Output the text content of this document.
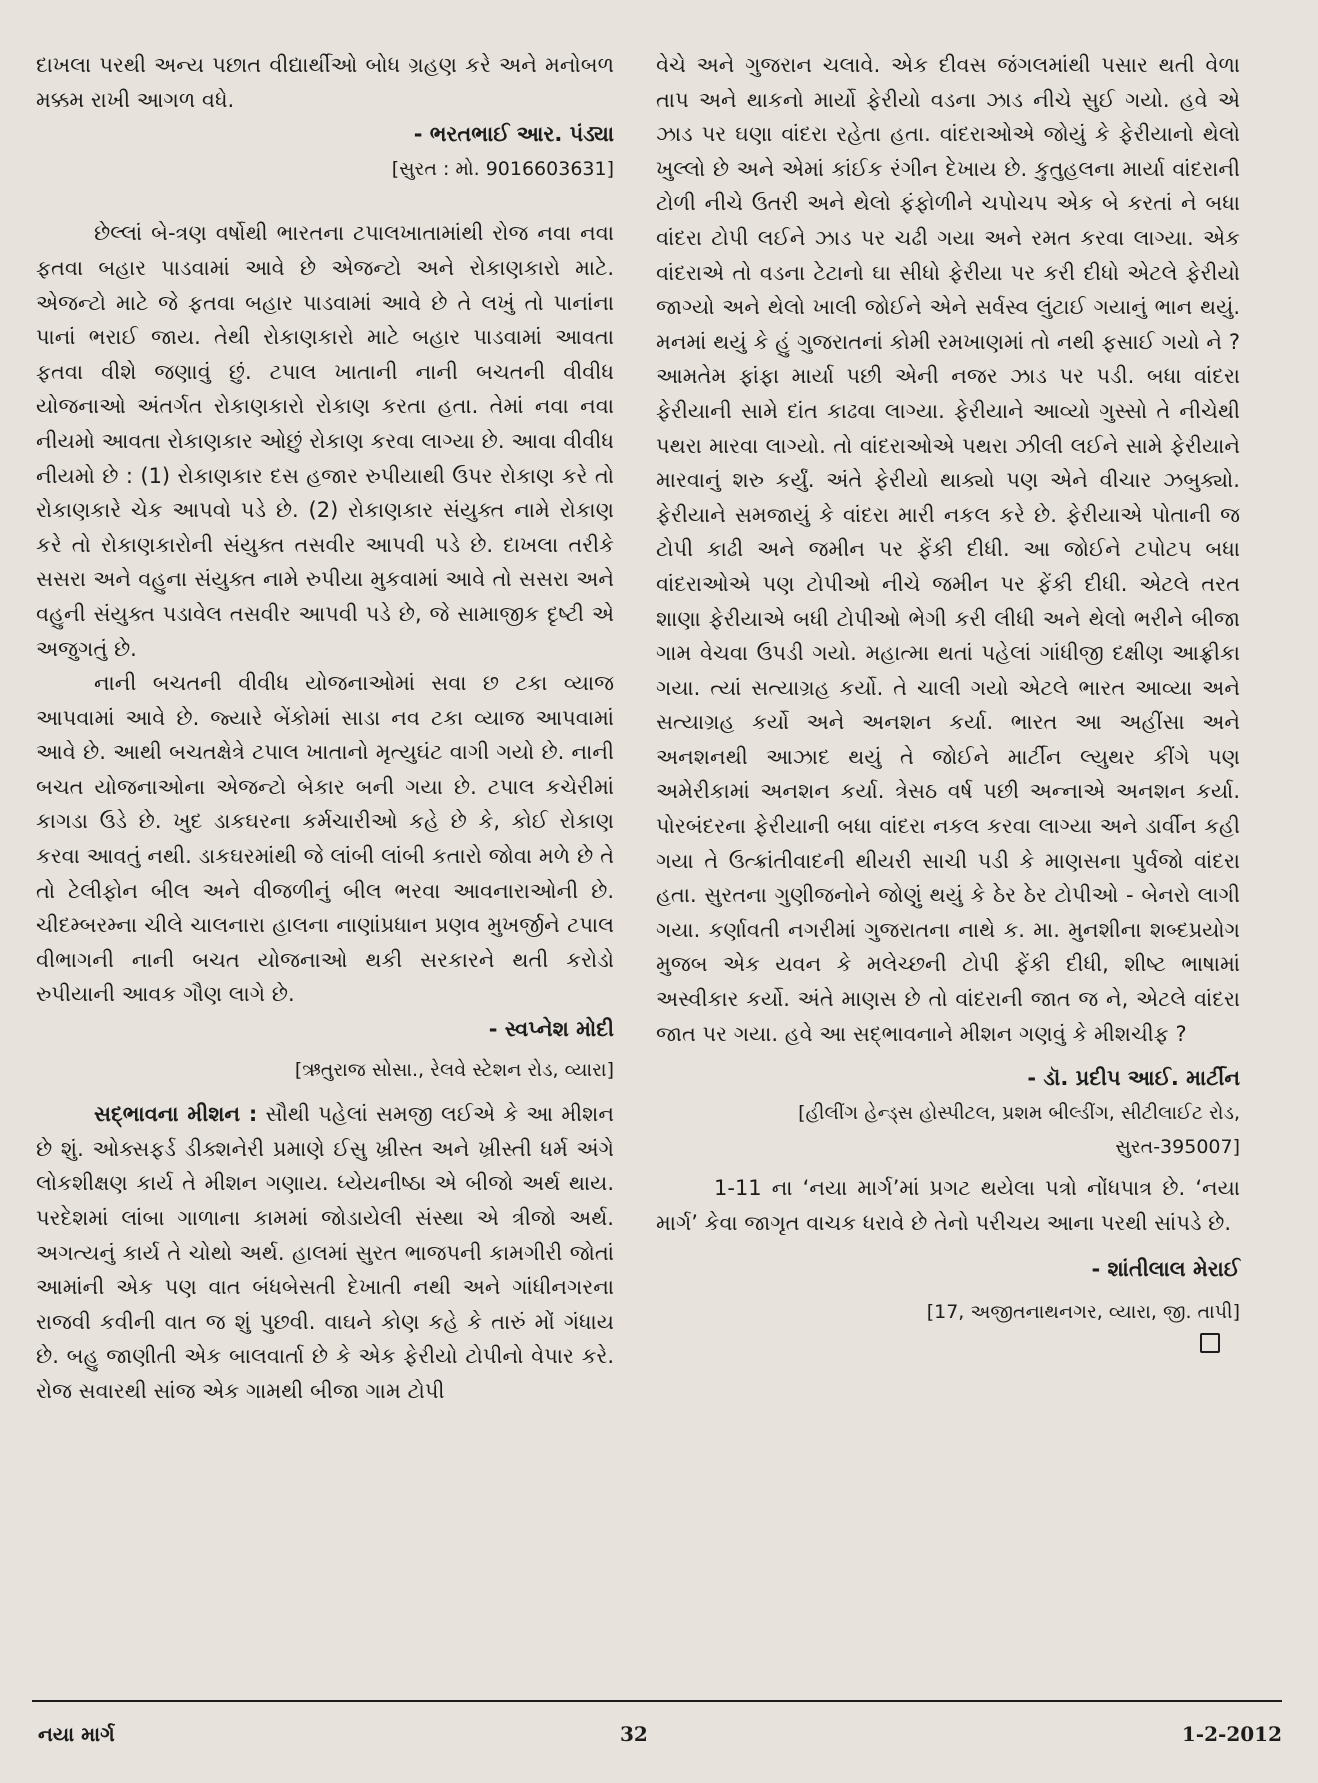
દાખલા પરથી અન્ય પછાત વીદ્યાર્થીઓ બોધ ગ્રહણ કરે અને મનોબળ મક્કમ રાખી આગળ વધે.

- ભરતભાઈ આર. પંડ્યા

[સુરત : મો. 9016603631]

છેલ્લાં બે-ત્રણ વર્ષોથી ભારતના ટપાલખાતામાંથી રોજ નવા નવા ફતવા બહાર પાડવામાં આવે છે એજન્ટો અને રોકાણકારો માટે. એજન્ટો માટે જે ફતવા બહાર પાડવામાં આવે છે તે લખું તો પાનાંના પાનાં ભરાઈ જાય. તેથી રોકાણકારો માટે બહાર પાડવામાં આવતા ફતવા વીશે જણાવું છું. ટપાલ ખાતાની નાની બચતની વીવીધ યોજનાઓ અંતર્ગત રોકાણકારો રોકાણ કરતા હતા. તેમાં નવા નવા નીયમો આવતા રોકાણકાર ઓછું રોકાણ કરવા લાગ્યા છે. આવા વીવીધ નીયમો છે : (1) રોકાણકાર દસ હજાર રુપીયાથી ઉપર રોકાણ કરે તો રોકાણકારે ચેક આપવો પડે છે. (2) રોકાણકાર સંયુક્ત નામે રોકાણ કરે તો રોકાણકારોની સંયુક્ત તસવીર આપવી પડે છે. દાખલા તરીકે સસરા અને વહુના સંયુક્ત નામે રુપીયા મુકવામાં આવે તો સસરા અને વહુની સંયુક્ત પડાવેલ તસવીર આપવી પડે છે, જે સામાજીક દૃષ્ટી એ અજુગતું છે.

નાની બચતની વીવીધ યોજનાઓમાં સવા છ ટકા વ્યાજ આપવામાં આવે છે. જ્યારે બેંકોમાં સાડા નવ ટકા વ્યાજ આપવામાં આવે છે. આથી બચતક્ષેત્રે ટપાલ ખાતાનો મૃત્યુઘંટ વાગી ગયો છે. નાની બચત યોજનાઓના એજન્ટો બેકાર બની ગયા છે. ટપાલ કચેરીમાં કાગડા ઉડે છે. ખુદ ડાકઘરના કર્મચારીઓ કહે છે કે, કોઈ રોકાણ કરવા આવતું નથી. ડાકઘરમાંથી જે લાંબી લાંબી કતારો જોવા મળે છે તે તો ટેલીફોન બીલ અને વીજળીનું બીલ ભરવા આવનારાઓની છે. ચીદમ્બરમ્ના ચીલે ચાલનારા હાલના નાણાંપ્રધાન પ્રણવ મુખર્જીને ટપાલ વીભાગની નાની બચત યોજનાઓ થકી સરકારને થતી કરોડો રુપીયાની આવક ગૌણ લાગે છે.

- સ્વપ્નેશ મોદી

[ઋતુરાજ સોસા., રેલવે સ્ટેશન રોડ, વ્યારા]

સદ્ભાવના મીશન : સૌથી પહેલાં સમજી લઈએ કે આ મીશન છે શું. ઓક્સફર્ડ ડીક્શનેરી પ્રમાણે ઈસુ ખ્રીસ્ત અને ખ્રીસ્તી ધર્મ અંગે લોકશીક્ષણ કાર્ય તે મીશન ગણાય. ધ્યેયનીષ્ઠા એ બીજો અર્થ થાય. પરદેશમાં લાંબા ગાળાના કામમાં જોડાયેલી સંસ્થા એ ત્રીજો અર્થ. અગત્યનું કાર્ય તે ચોથો અર્થ. હાલમાં સુરત ભાજપની કામગીરી જોતાં આમાંની એક પણ વાત બંધબેસતી દેખાતી નથી અને ગાંધીનગરના રાજવી કવીની વાત જ શું પુછવી. વાઘને કોણ કહે કે તારું મોં ગંધાય છે. બહુ જાણીતી એક બાલવાર્તા છે કે એક ફેરીયો ટોપીનો વેપાર કરે. રોજ સવારથી સાંજ એક ગામથી બીજા ગામ ટોપી

વેચે અને ગુજરાન ચલાવે. એક દીવસ જંગલમાંથી પસાર થતી વેળા તાપ અને થાકનો માર્યો ફેરીયો વડના ઝાડ નીચે સુઈ ગયો. હવે એ ઝાડ પર ઘણા વાંદરા રહેતા હતા. વાંદરાઓએ જોયું કે ફેરીયાનો થેલો ખુલ્લો છે અને એમાં કાંઈક રંગીન દેખાય છે. કુતુહલના માર્યા વાંદરાની ટોળી નીચે ઉતરી અને થેલો ફંફોળીને ચપોચપ એક બે કરતાં ને બધા વાંદરા ટોપી લઈને ઝાડ પર ચઢી ગયા અને રમત કરવા લાગ્યા. એક વાંદરાએ તો વડના ટેટાનો ઘા સીધો ફેરીયા પર કરી દીધો એટલે ફેરીયો જાગ્યો અને થેલો ખાલી જોઈને એને સર્વસ્વ લુંટાઈ ગયાનું ભાન થયું. મનમાં થયું કે હું ગુજરાતનાં કોમી રમખાણમાં તો નથી ફસાઈ ગયો ને ? આમતેમ ફાંફા માર્યા પછી એની નજર ઝાડ પર પડી. બધા વાંદરા ફેરીયાની સામે દાંત કાઢવા લાગ્યા. ફેરીયાને આવ્યો ગુસ્સો તે નીચેથી પથરા મારવા લાગ્યો. તો વાંદરાઓએ પથરા ઝીલી લઈને સામે ફેરીયાને મારવાનું શરુ કર્યું. અંતે ફેરીયો થાક્યો પણ એને વીચાર ઝબુક્યો. ફેરીયાને સમજાયું કે વાંદરા મારી નકલ કરે છે. ફેરીયાએ પોતાની જ ટોપી કાઢી અને જમીન પર ફેંકી દીધી. આ જોઈને ટપોટપ બધા વાંદરાઓએ પણ ટોપીઓ નીચે જમીન પર ફેંકી દીધી. એટલે તરત શાણા ફેરીયાએ બધી ટોપીઓ ભેગી કરી લીધી અને થેલો ભરીને બીજા ગામ વેચવા ઉપડી ગયો. મહાત્મા થતાં પહેલાં ગાંધીજી દક્ષીણ આફ્રીકા ગયા. ત્યાં સત્યાગ્રહ કર્યો. તે ચાલી ગયો એટલે ભારત આવ્યા અને સત્યાગ્રહ કર્યો અને અનશન કર્યા. ભારત આ અહીંસા અને અનશનથી આઝાદ થયું તે જોઈને માર્ટીન લ્યુથર કીંગે પણ અમેરીકામાં અનશન કર્યા. ત્રેસઠ વર્ષ પછી અન્નાએ અનશન કર્યા. પોરબંદરના ફેરીયાની બધા વાંદરા નકલ કરવા લાગ્યા અને ડાર્વીન કહી ગયા તે ઉત્ક્રાંતીવાદની થીયરી સાચી પડી કે માણસના પુર્વજો વાંદરા હતા. સુરતના ગુણીજનોને જોણું થયું કે ઠેર ઠેર ટોપીઓ - બેનરો લાગી ગયા. કર્ણાવતી નગરીમાં ગુજરાતના નાથે ક. મા. મુનશીના શબ્દપ્રયોગ મુજબ એક યવન કે મલેચ્છની ટોપી ફેંકી દીધી, શીષ્ટ ભાષામાં અસ્વીકાર કર્યો. અંતે માણસ છે તો વાંદરાની જાત જ ને, એટલે વાંદરા જાત પર ગયા. હવે આ સદ્ભાવનાને મીશન ગણવું કે મીશચીફ ?

- ડૉ. પ્રદીપ આઈ. માર્ટીન

[હીલીંગ હેન્ડ્સ હોસ્પીટલ, પ્રશમ બીલ્ડીંગ, સીટીલાઈટ રોડ, સુરત-395007]

1-11 ના ‘નયા માર્ગ’માં પ્રગટ થયેલા પત્રો નોંધપાત્ર છે. ‘નયા માર્ગ’ કેવા જાગૃત વાચક ધરાવે છે તેનો પરીચય આના પરથી સાંપડે છે.

- શાંતીલાલ મેરાઈ

[17, અજીતનાથનગર, વ્યારા, જી. તાપી]

નયા માર્ગ	32	1-2-2012
